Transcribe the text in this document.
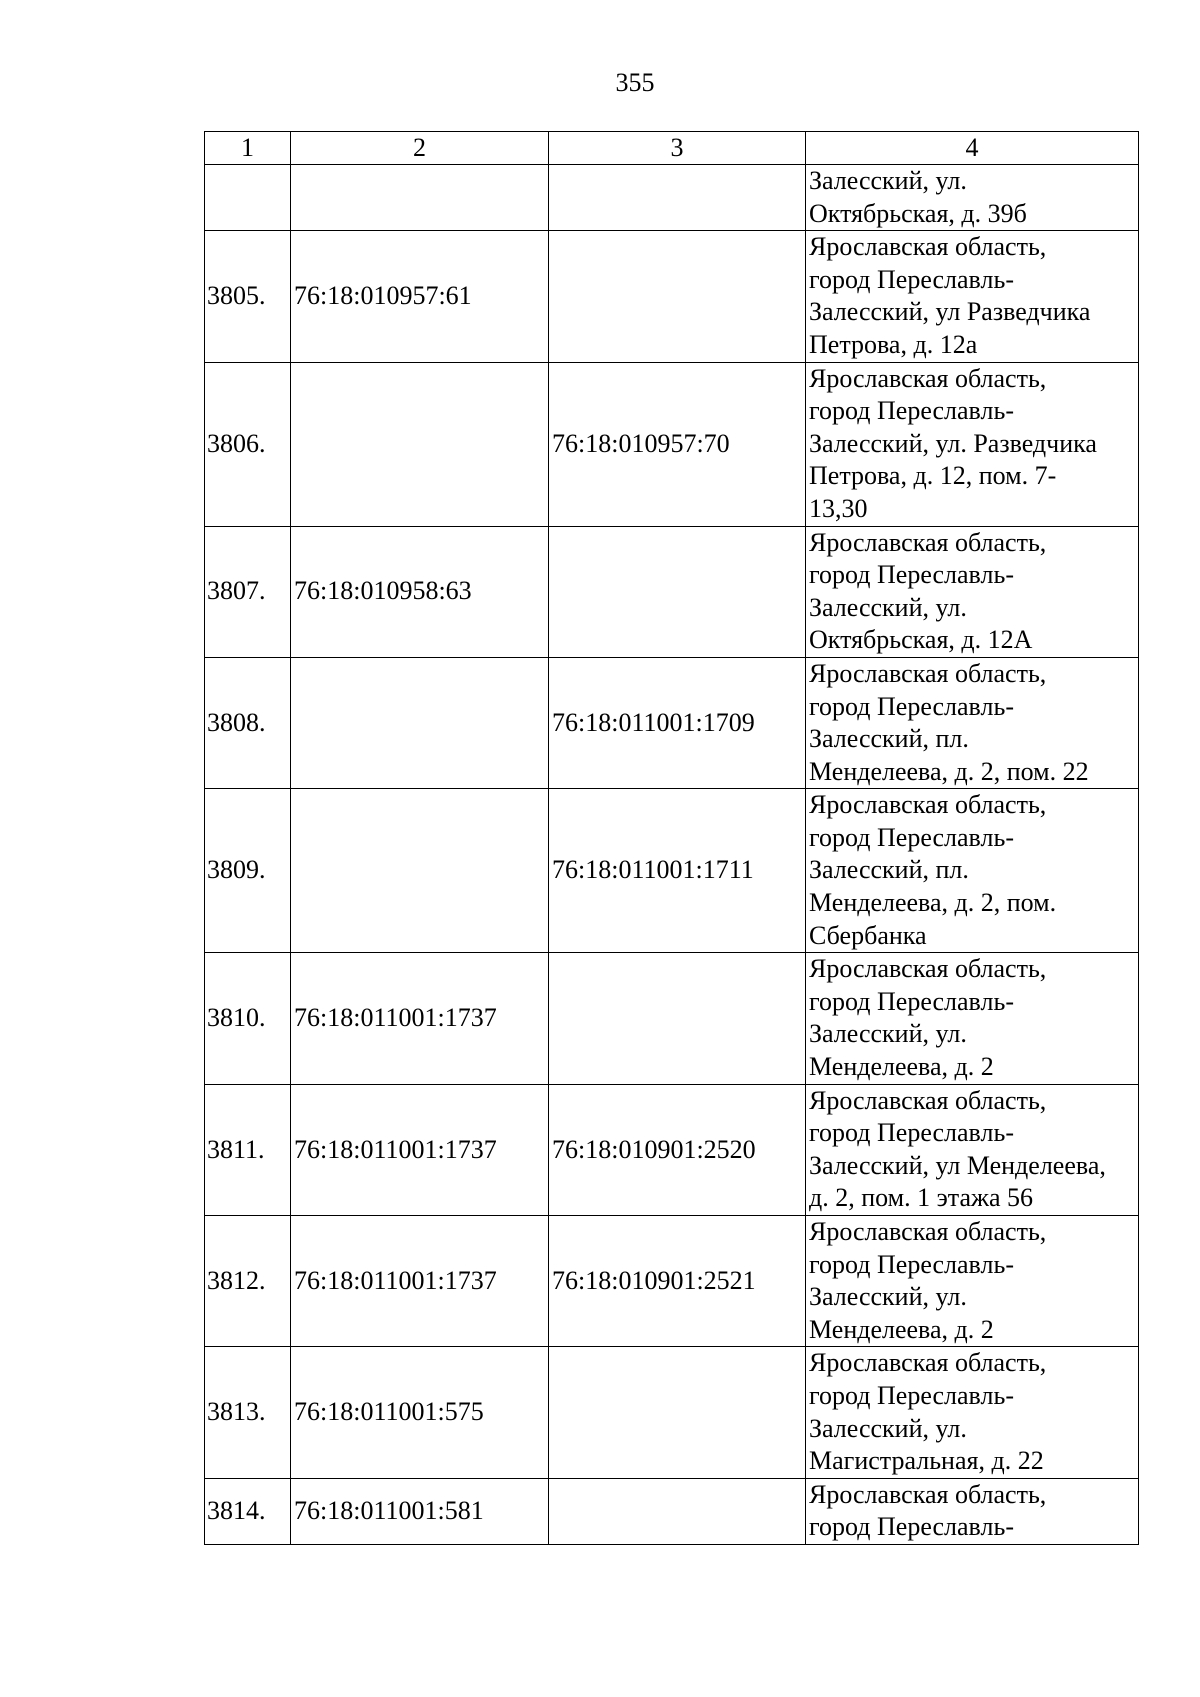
355
1	2	3	4

			Залесский, ул.
Октябрьская, д. 39б

3805.	76:18:010957:61		Ярославская область,
город Переславль-
Залесский, ул Разведчика
Петрова, д. 12а

3806.		76:18:010957:70	Ярославская область,
город Переславль-
Залесский, ул. Разведчика
Петрова, д. 12, пом. 7-
13,30

3807.	76:18:010958:63		Ярославская область,
город Переславль-
Залесский, ул.
Октябрьская, д. 12А

3808.		76:18:011001:1709	Ярославская область,
город Переславль-
Залесский, пл.
Менделеева, д. 2, пом. 22

3809.		76:18:011001:1711	Ярославская область,
город Переславль-
Залесский, пл.
Менделеева, д. 2, пом.
Сбербанка

3810.	76:18:011001:1737		Ярославская область,
город Переславль-
Залесский, ул.
Менделеева, д. 2

3811.	76:18:011001:1737	76:18:010901:2520	Ярославская область,
город Переславль-
Залесский, ул Менделеева,
д. 2, пом. 1 этажа 56

3812.	76:18:011001:1737	76:18:010901:2521	Ярославская область,
город Переславль-
Залесский, ул.
Менделеева, д. 2

3813.	76:18:011001:575		Ярославская область,
город Переславль-
Залесский, ул.
Магистральная, д. 22

3814.	76:18:011001:581		Ярославская область,
город Переславль-
